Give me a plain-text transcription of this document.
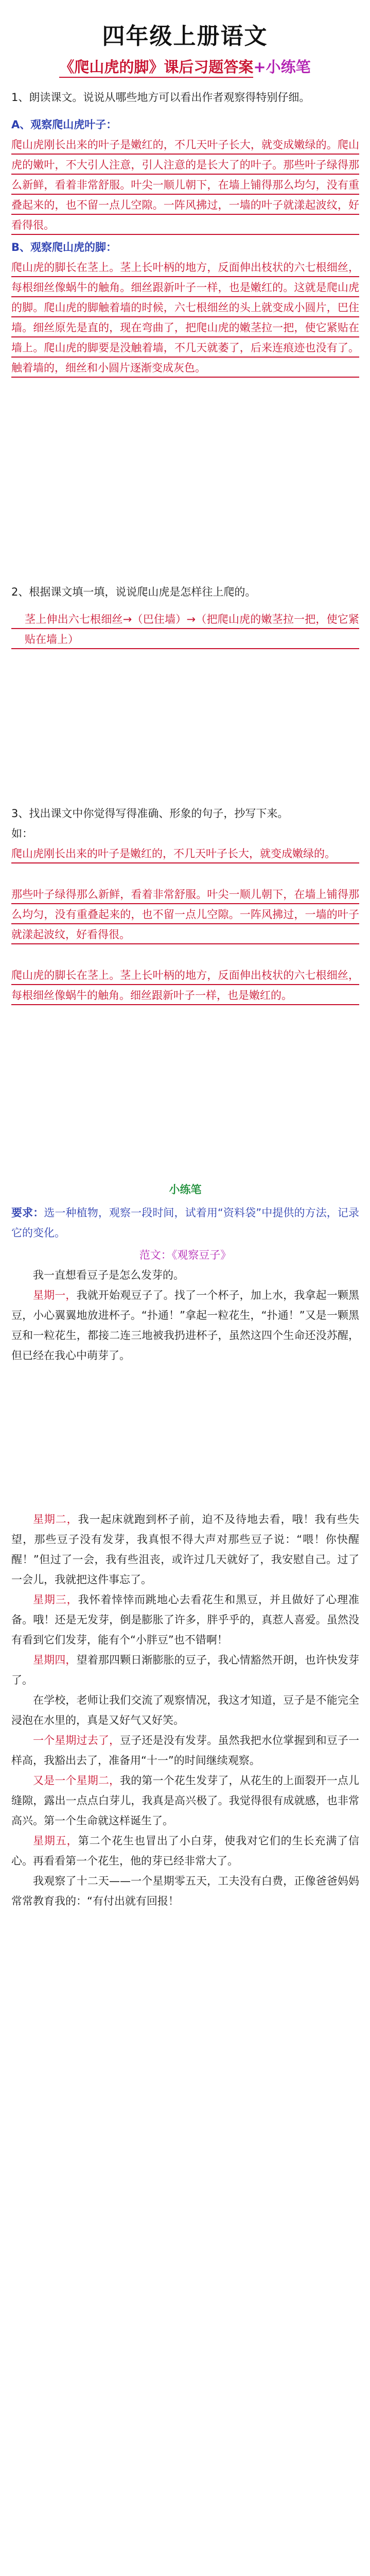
四年级上册语文
《爬山虎的脚》课后习题答案+小练笔

1、朗读课文。说说从哪些地方可以看出作者观察得特别仔细。

A、观察爬山虎叶子：

爬山虎刚长出来的叶子是嫩红的，不几天叶子长大，就变成嫩绿的。爬山虎的嫩叶，不大引人注意，引人注意的是长大了的叶子。那些叶子绿得那么新鲜，看着非常舒服。叶尖一顺儿朝下，在墙上铺得那么均匀，没有重叠起来的，也不留一点儿空隙。一阵风拂过，一墙的叶子就漾起波纹，好看得很。

B、观察爬山虎的脚：

爬山虎的脚长在茎上。茎上长叶柄的地方，反面伸出枝状的六七根细丝，每根细丝像蜗牛的触角。细丝跟新叶子一样，也是嫩红的。这就是爬山虎的脚。爬山虎的脚触着墙的时候，六七根细丝的头上就变成小圆片，巴住墙。细丝原先是直的，现在弯曲了，把爬山虎的嫩茎拉一把，使它紧贴在墙上。爬山虎的脚要是没触着墙，不几天就萎了，后来连痕迹也没有了。触着墙的，细丝和小圆片逐渐变成灰色。

2、根据课文填一填，说说爬山虎是怎样往上爬的。

茎上伸出六七根细丝→（巴住墙）→（把爬山虎的嫩茎拉一把，使它紧贴在墙上）

3、找出课文中你觉得写得准确、形象的句子，抄写下来。

如：

爬山虎刚长出来的叶子是嫩红的，不几天叶子长大，就变成嫩绿的。

那些叶子绿得那么新鲜，看着非常舒服。叶尖一顺儿朝下，在墙上铺得那么均匀，没有重叠起来的，也不留一点儿空隙。一阵风拂过，一墙的叶子就漾起波纹，好看得很。

爬山虎的脚长在茎上。茎上长叶柄的地方，反面伸出枝状的六七根细丝，每根细丝像蜗牛的触角。细丝跟新叶子一样，也是嫩红的。

小练笔

要求：选一种植物，观察一段时间，试着用“资料袋”中提供的方法，记录它的变化。

范文：《观察豆子》

我一直想看豆子是怎么发芽的。

星期一，我就开始观豆子了。找了一个杯子，加上水，我拿起一颗黑豆，小心翼翼地放进杯子。“扑通！”拿起一粒花生，“扑通！”又是一颗黑豆和一粒花生，都接二连三地被我扔进杯子，虽然这四个生命还没苏醒，但已经在我心中萌芽了。

星期二，我一起床就跑到杯子前，迫不及待地去看，哦！我有些失望，那些豆子没有发芽，我真恨不得大声对那些豆子说：“喂！你快醒醒！”但过了一会，我有些沮丧，或许过几天就好了，我安慰自己。过了一会儿，我就把这件事忘了。

星期三，我怀着悻悻而跳地心去看花生和黑豆，并且做好了心理准备。哦！还是无发芽，倒是膨胀了许多，胖乎乎的，真惹人喜爱。虽然没有看到它们发芽，能有个“小胖豆”也不错啊！

星期四，望着那四颗日渐膨胀的豆子，我心情豁然开朗，也许快发芽了。

在学校，老师让我们交流了观察情况，我这才知道，豆子是不能完全浸泡在水里的，真是又好气又好笑。

一个星期过去了，豆子还是没有发芽。虽然我把水位掌握到和豆子一样高，我豁出去了，准备用“十一”的时间继续观察。

又是一个星期二，我的第一个花生发芽了，从花生的上面裂开一点儿缝隙，露出一点点白芽儿，我真是高兴极了。我觉得很有成就感，也非常高兴。第一个生命就这样诞生了。

星期五，第二个花生也冒出了小白芽，使我对它们的生长充满了信心。再看看第一个花生，他的芽已经非常大了。

我观察了十二天——一个星期零五天，工夫没有白费，正像爸爸妈妈常常教育我的：“有付出就有回报！
